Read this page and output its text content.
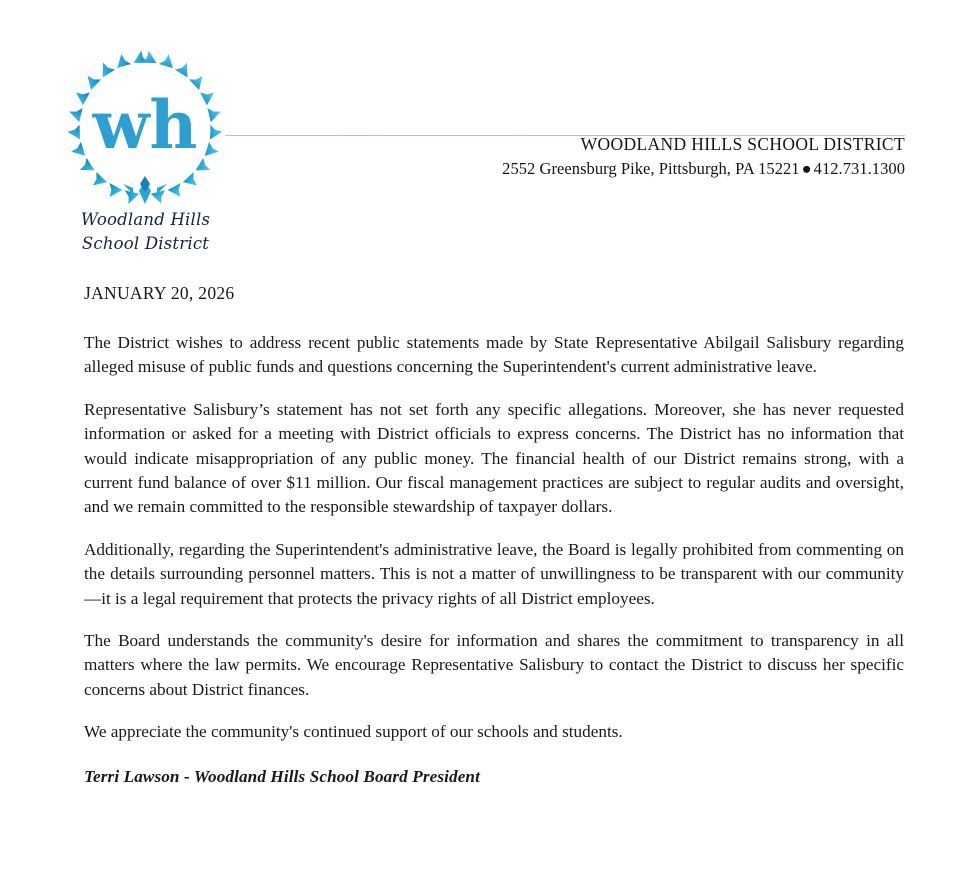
wh
Woodland Hills
School District
WOODLAND HILLS SCHOOL DISTRICT
2552 Greensburg Pike, Pittsburgh, PA 15221 ● 412.731.1300
JANUARY 20, 2026

The District wishes to address recent public statements made by State Representative Abilgail Salisbury regarding alleged misuse of public funds and questions concerning the Superintendent's current administrative leave.

Representative Salisbury’s statement has not set forth any specific allegations. Moreover, she has never requested information or asked for a meeting with District officials to express concerns. The District has no information that would indicate misappropriation of any public money. The financial health of our District remains strong, with a current fund balance of over $11 million. Our fiscal management practices are subject to regular audits and oversight, and we remain committed to the responsible stewardship of taxpayer dollars.

Additionally, regarding the Superintendent's administrative leave, the Board is legally prohibited from commenting on the details surrounding personnel matters. This is not a matter of unwillingness to be transparent with our community—it is a legal requirement that protects the privacy rights of all District employees.

The Board understands the community's desire for information and shares the commitment to transparency in all matters where the law permits. We encourage Representative Salisbury to contact the District to discuss her specific concerns about District finances.

We appreciate the community's continued support of our schools and students.

Terri Lawson - Woodland Hills School Board President
